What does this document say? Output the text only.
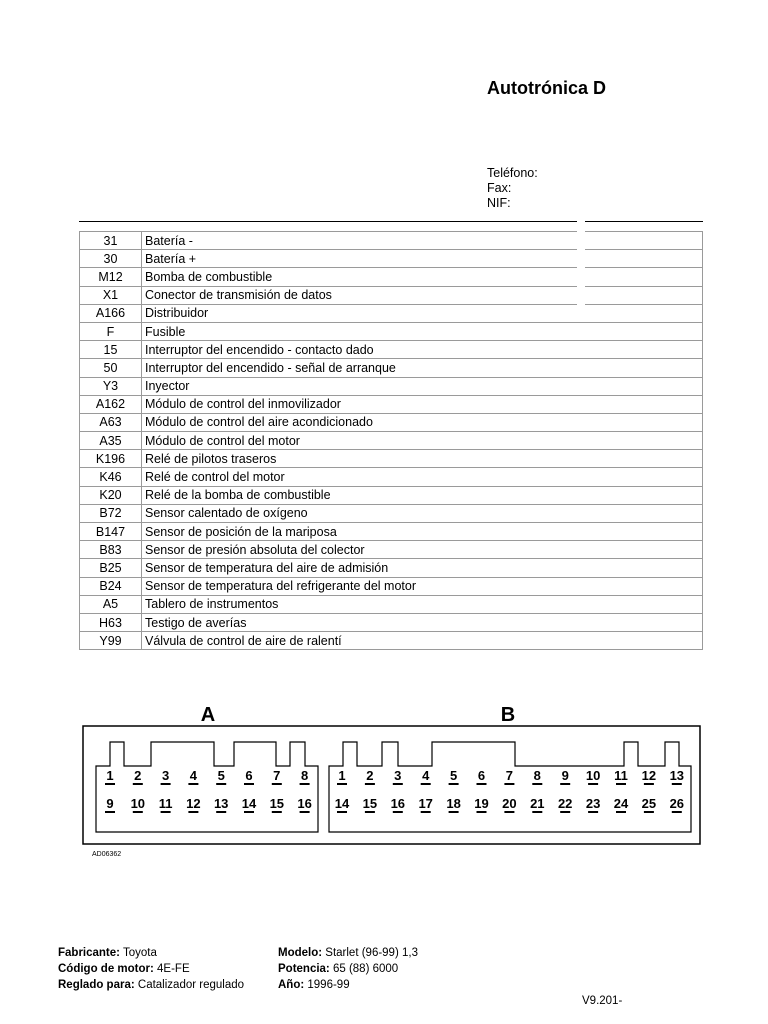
Autotrónica D
Teléfono:
Fax:
NIF:
31	Batería -
30	Batería +
M12	Bomba de combustible
X1	Conector de transmisión de datos
A166	Distribuidor
F	Fusible
15	Interruptor del encendido - contacto dado
50	Interruptor del encendido - señal de arranque
Y3	Inyector
A162	Módulo de control del inmovilizador
A63	Módulo de control del aire acondicionado
A35	Módulo de control del motor
K196	Relé de pilotos traseros
K46	Relé de control del motor
K20	Relé de la bomba de combustible
B72	Sensor calentado de oxígeno
B147	Sensor de posición de la mariposa
B83	Sensor de presión absoluta del colector
B25	Sensor de temperatura del aire de admisión
B24	Sensor de temperatura del refrigerante del motor
A5	Tablero de instrumentos
H63	Testigo de averías
Y99	Válvula de control de aire de ralentí
A	B
1 2 3 4 5 6 7 8
9 10 11 12 13 14 15 16
1 2 3 4 5 6 7 8 9 10 11 12 13
14 15 16 17 18 19 20 21 22 23 24 25 26
AD06362
Fabricante: Toyota
Código de motor: 4E-FE
Reglado para: Catalizador regulado
Modelo: Starlet (96-99) 1,3
Potencia: 65 (88) 6000
Año: 1996-99
V9.201-
